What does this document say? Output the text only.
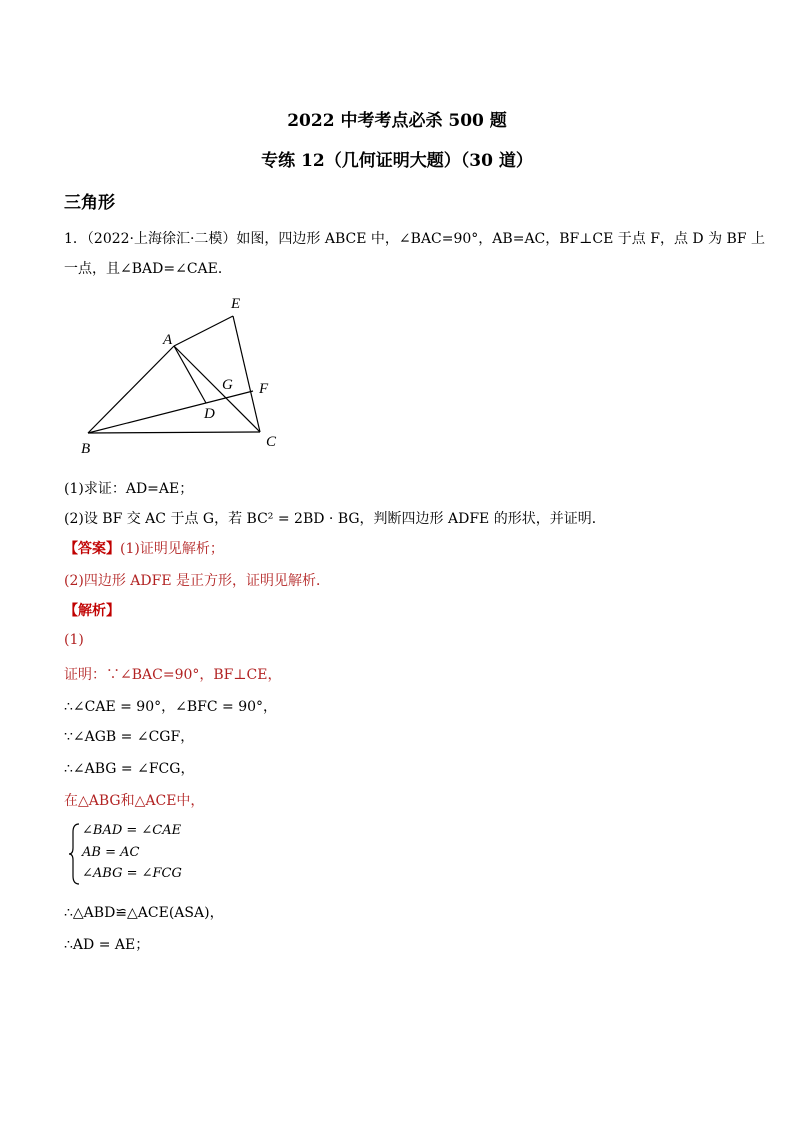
2022 中考考点必杀 500 题
专练 12（几何证明大题）（30 道）
三角形
1．（2022·上海徐汇·二模）如图，四边形 ABCE 中，∠BAC=90°，AB=AC，BF⊥CE 于点 F，点 D 为 BF 上
一点，且∠BAD=∠CAE．
E
A
G F
D
B	C
(1)求证：AD=AE；
(2)设 BF 交 AC 于点 G，若 BC² = 2BD · BG，判断四边形 ADFE 的形状，并证明．
【答案】(1)证明见解析；
(2)四边形 ADFE 是正方形，证明见解析．
【解析】
(1)
证明：∵∠BAC=90°，BF⊥CE，
∴∠CAE = 90°，∠BFC = 90°，
∵∠AGB = ∠CGF，
∴∠ABG = ∠FCG，
在△ABG和△ACE中，
∠BAD = ∠CAE
AB = AC
∠ABG = ∠FCG
∴△ABD≌△ACE(ASA)，
∴AD = AE；
